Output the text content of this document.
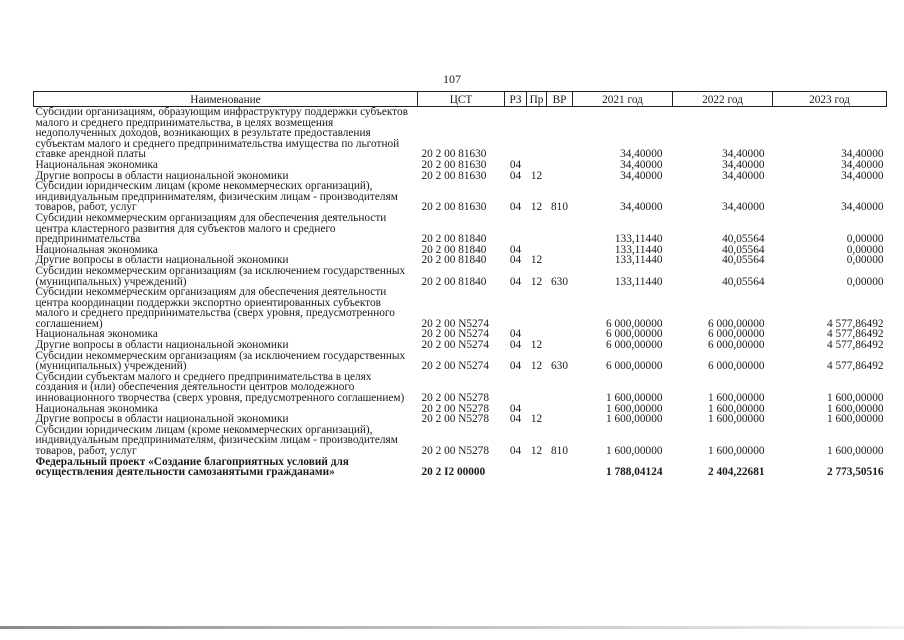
107
Наименование	ЦСТ	РЗ	Пр	ВР	2021 год	2022 год	2023 год
Субсидии организациям, образующим инфраструктуру поддержки субъектов малого и среднего предпринимательства, в целях возмещения недополученных доходов, возникающих в результате предоставления субъектам малого и среднего предпринимательства имущества по льготной ставке арендной платы	20 2 00 81630				34,40000	34,40000	34,40000
Национальная экономика	20 2 00 81630	04			34,40000	34,40000	34,40000
Другие вопросы в области национальной экономики	20 2 00 81630	04	12		34,40000	34,40000	34,40000
Субсидии юридическим лицам (кроме некоммерческих организаций), индивидуальным предпринимателям, физическим лицам - производителям товаров, работ, услуг	20 2 00 81630	04	12	810	34,40000	34,40000	34,40000
Субсидии некоммерческим организациям для обеспечения деятельности центра кластерного развития для субъектов малого и среднего предпринимательства	20 2 00 81840				133,11440	40,05564	0,00000
Национальная экономика	20 2 00 81840	04			133,11440	40,05564	0,00000
Другие вопросы в области национальной экономики	20 2 00 81840	04	12		133,11440	40,05564	0,00000
Субсидии некоммерческим организациям (за исключением государственных (муниципальных) учреждений)	20 2 00 81840	04	12	630	133,11440	40,05564	0,00000
Субсидии некоммерческим организациям для обеспечения деятельности центра координации поддержки экспортно ориентированных субъектов малого и среднего предпринимательства (сверх уровня, предусмотренного соглашением)	20 2 00 N5274				6 000,00000	6 000,00000	4 577,86492
Национальная экономика	20 2 00 N5274	04			6 000,00000	6 000,00000	4 577,86492
Другие вопросы в области национальной экономики	20 2 00 N5274	04	12		6 000,00000	6 000,00000	4 577,86492
Субсидии некоммерческим организациям (за исключением государственных (муниципальных) учреждений)	20 2 00 N5274	04	12	630	6 000,00000	6 000,00000	4 577,86492
Субсидии субъектам малого и среднего предпринимательства в целях создания и (или) обеспечения деятельности центров молодежного инновационного творчества (сверх уровня, предусмотренного соглашением)	20 2 00 N5278				1 600,00000	1 600,00000	1 600,00000
Национальная экономика	20 2 00 N5278	04			1 600,00000	1 600,00000	1 600,00000
Другие вопросы в области национальной экономики	20 2 00 N5278	04	12		1 600,00000	1 600,00000	1 600,00000
Субсидии юридическим лицам (кроме некоммерческих организаций), индивидуальным предпринимателям, физическим лицам - производителям товаров, работ, услуг	20 2 00 N5278	04	12	810	1 600,00000	1 600,00000	1 600,00000
Федеральный проект «Создание благоприятных условий для осуществления деятельности самозанятыми гражданами»	20 2 I2 00000				1 788,04124	2 404,22681	2 773,50516
